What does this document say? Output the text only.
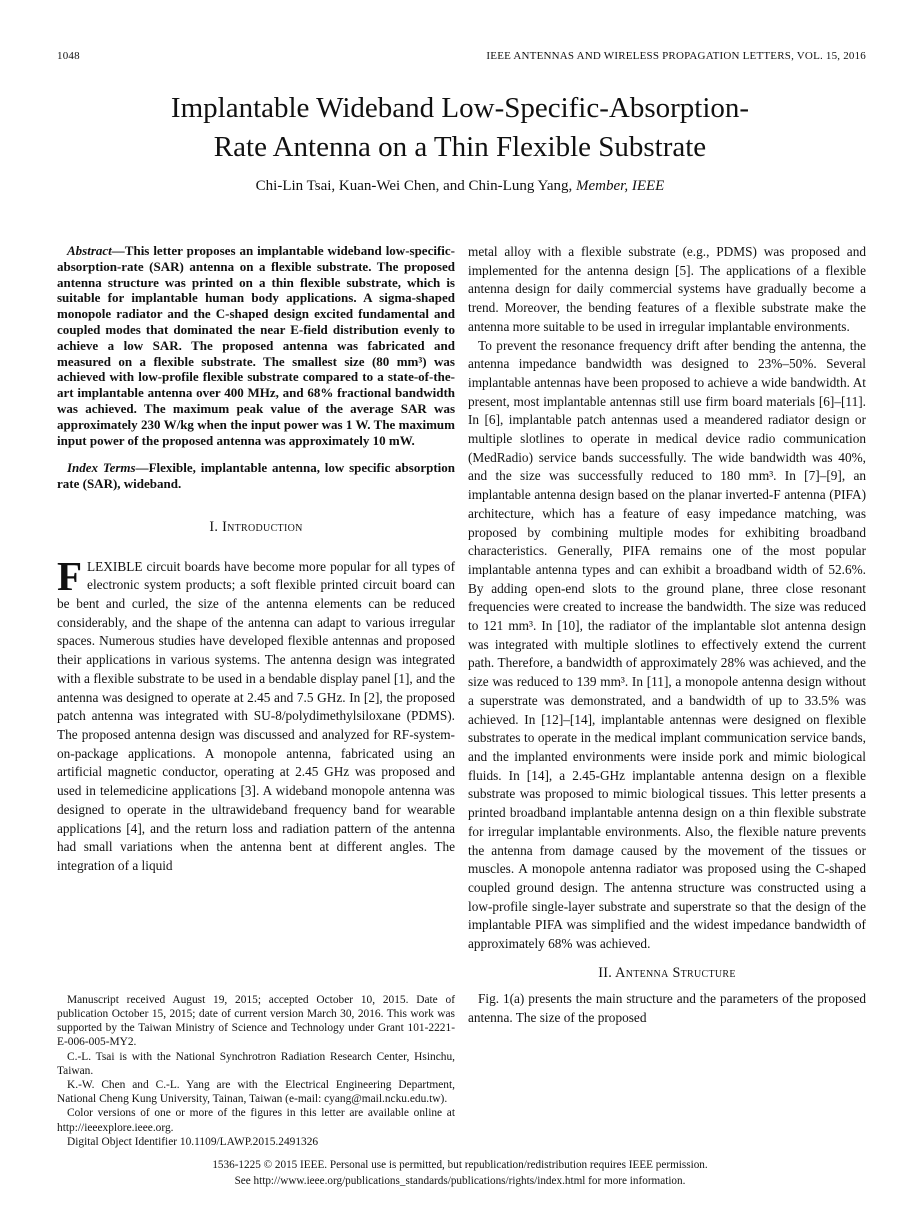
1048	IEEE ANTENNAS AND WIRELESS PROPAGATION LETTERS, VOL. 15, 2016
Implantable Wideband Low-Specific-Absorption-
Rate Antenna on a Thin Flexible Substrate
Chi-Lin Tsai, Kuan-Wei Chen, and Chin-Lung Yang, Member, IEEE

Abstract—This letter proposes an implantable wideband low-specific-absorption-rate (SAR) antenna on a flexible substrate. The proposed antenna structure was printed on a thin flexible substrate, which is suitable for implantable human body applications. A sigma-shaped monopole radiator and the C-shaped design excited fundamental and coupled modes that dominated the near E-field distribution evenly to achieve a low SAR. The proposed antenna was fabricated and measured on a flexible substrate. The smallest size (80 mm³) was achieved with low-profile flexible substrate compared to a state-of-the-art implantable antenna over 400 MHz, and 68% fractional bandwidth was achieved. The maximum peak value of the average SAR was approximately 230 W/kg when the input power was 1 W. The maximum input power of the proposed antenna was approximately 10 mW.

Index Terms—Flexible, implantable antenna, low specific absorption rate (SAR), wideband.

I. Introduction

FLEXIBLE circuit boards have become more popular for all types of electronic system products; a soft flexible printed circuit board can be bent and curled, the size of the antenna elements can be reduced considerably, and the shape of the antenna can adapt to various irregular spaces. Numerous studies have developed flexible antennas and proposed their applications in various systems. The antenna design was integrated with a flexible substrate to be used in a bendable display panel [1], and the antenna was designed to operate at 2.45 and 7.5 GHz. In [2], the proposed patch antenna was integrated with SU-8/polydimethylsiloxane (PDMS). The proposed antenna design was discussed and analyzed for RF-system-on-package applications. A monopole antenna, fabricated using an artificial magnetic conductor, operating at 2.45 GHz was proposed and used in telemedicine applications [3]. A wideband monopole antenna was designed to operate in the ultrawideband frequency band for wearable applications [4], and the return loss and radiation pattern of the antenna had small variations when the antenna bent at different angles. The integration of a liquid

Manuscript received August 19, 2015; accepted October 10, 2015. Date of publication October 15, 2015; date of current version March 30, 2016. This work was supported by the Taiwan Ministry of Science and Technology under Grant 101-2221-E-006-005-MY2.

C.-L. Tsai is with the National Synchrotron Radiation Research Center, Hsinchu, Taiwan.

K.-W. Chen and C.-L. Yang are with the Electrical Engineering Department, National Cheng Kung University, Tainan, Taiwan (e-mail: cyang@mail.ncku.edu.tw).

Color versions of one or more of the figures in this letter are available online at http://ieeexplore.ieee.org.

Digital Object Identifier 10.1109/LAWP.2015.2491326

metal alloy with a flexible substrate (e.g., PDMS) was proposed and implemented for the antenna design [5]. The applications of a flexible antenna design for daily commercial systems have gradually become a trend. Moreover, the bending features of a flexible substrate make the antenna more suitable to be used in irregular implantable environments.

To prevent the resonance frequency drift after bending the antenna, the antenna impedance bandwidth was designed to 23%–50%. Several implantable antennas have been proposed to achieve a wide bandwidth. At present, most implantable antennas still use firm board materials [6]–[11]. In [6], implantable patch antennas used a meandered radiator design or multiple slotlines to operate in medical device radio communication (MedRadio) service bands successfully. The wide bandwidth was 40%, and the size was successfully reduced to 180 mm³. In [7]–[9], an implantable antenna design based on the planar inverted-F antenna (PIFA) architecture, which has a feature of easy impedance matching, was proposed by combining multiple modes for exhibiting broadband characteristics. Generally, PIFA remains one of the most popular implantable antenna types and can exhibit a broadband width of 52.6%. By adding open-end slots to the ground plane, three close resonant frequencies were created to increase the bandwidth. The size was reduced to 121 mm³. In [10], the radiator of the implantable slot antenna design was integrated with multiple slotlines to effectively extend the current path. Therefore, a bandwidth of approximately 28% was achieved, and the size was reduced to 139 mm³. In [11], a monopole antenna design without a superstrate was demonstrated, and a bandwidth of up to 33.5% was achieved. In [12]–[14], implantable antennas were designed on flexible substrates to operate in the medical implant communication service bands, and the implanted environments were inside pork and mimic biological fluids. In [14], a 2.45-GHz implantable antenna design on a flexible substrate was proposed to mimic biological tissues. This letter presents a printed broadband implantable antenna design on a thin flexible substrate for irregular implantable environments. Also, the flexible nature prevents the antenna from damage caused by the movement of the tissues or muscles. A monopole antenna radiator was proposed using the C-shaped coupled ground design. The antenna structure was constructed using a low-profile single-layer substrate and superstrate so that the design of the implantable PIFA was simplified and the widest impedance bandwidth of approximately 68% was achieved.

II. Antenna Structure

Fig. 1(a) presents the main structure and the parameters of the proposed antenna. The size of the proposed

1536-1225 © 2015 IEEE. Personal use is permitted, but republication/redistribution requires IEEE permission.
See http://www.ieee.org/publications_standards/publications/rights/index.html for more information.
